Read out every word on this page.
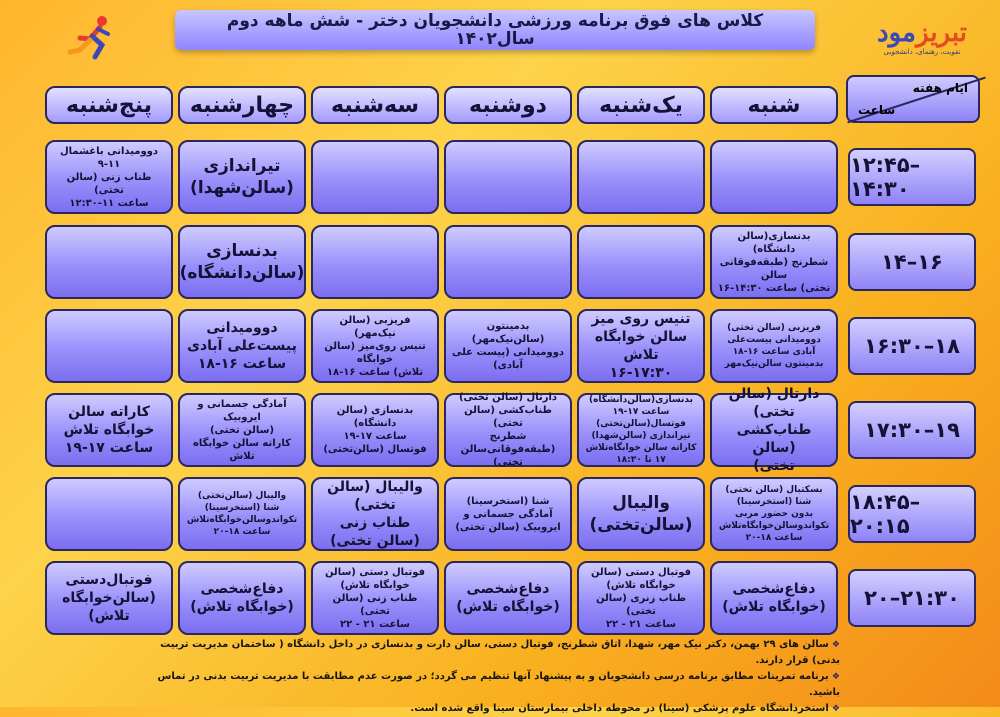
کلاس های فوق برنامه ورزشی دانشجویان دختر - شش ماهه دوم سال۱۴۰۲	تبریزمود
تقویت، رهنمای، دانشجویی
ایام هفته
ساعت
شنبه
یک‌شنبه
دوشنبه
سه‌شنبه
چهارشنبه
پنج‌شنبه
۱۲:۴۵–۱۴:۳۰
۱۴–۱۶
۱۶:۳۰–۱۸
۱۷:۳۰–۱۹
۱۸:۴۵–۲۰:۱۵
۲۰–۲۱:۳۰
تیراندازی
(سالن‌شهدا)
دوومیدانی باغشمال
۹-۱۱
طناب زنی (سالن تختی)
ساعت ۱۱-۱۲:۳۰
بدنسازی(سالن
دانشگاه)
شطرنج (طبقه‌فوقانی سالن
تختی) ساعت ۱۴:۳۰-۱۶
بدنسازی
(سالن‌دانشگاه)
فریزبی (سالن تختی)
دوومیدانی پیست‌علی
آبادی ساعت ۱۶-۱۸
بدمینتون سالن‌نیک‌مهر
تنیس روی میز
سالن خوابگاه تلاش
۱۶-۱۷:۳۰
بدمینتون (سالن‌نیک‌مهر)
دوومیدانی (پیست علی
آبادی)
فریزبی (سالن نیک‌مهر)
تنیس روی‌میز (سالن خوابگاه
تلاش) ساعت ۱۶-۱۸
دوومیدانی
پیست‌علی آبادی
ساعت ۱۶-۱۸
دارتال (سالن تختی)
طناب‌کشی (سالن
تختی)
بدنسازی(سالن‌دانشگاه)
ساعت ۱۷-۱۹
فوتسال(سالن‌تختی)
تیراندازی (سالن‌شهدا)
کاراته سالن خوابگاه‌تلاش ۱۷ تا ۱۸:۳۰
دارتال (سالن تختی)
طناب‌کشی (سالن تختی)
شطرنج (طبقه‌فوقانی‌سالن
تختی)
بدنسازی (سالن
دانشگاه)
ساعت ۱۷-۱۹
فوتسال (سالن‌تختی)
آمادگی جسمانی و
ایروبیک
(سالن تختی)
کاراته سالن خوابگاه تلاش
کاراته سالن
خوابگاه تلاش
ساعت ۱۷-۱۹
بسکتبال (سالن تختی)
شنا (استخرسینا)
بدون حضور مربی
تکواندوسالن‌خوابگاه‌تلاش
ساعت ۱۸-۲۰
والیبال
(سالن‌تختی)
شنا (استخرسینا)
آمادگی جسمانی و
ایروبیک (سالن تختی)
والیبال (سالن تختی)
طناب زنی (سالن تختی)
والیبال (سالن‌تختی)
شنا (استخرسینا)
تکواندوسالن‌خوابگاه‌تلاش
ساعت ۱۸-۲۰
دفاع‌شخصی
(خوابگاه تلاش)
فوتبال دستی (سالن
خوابگاه تلاش)
طناب زنری (سالن تختی)
ساعت ۲۱ - ۲۲
دفاع‌شخصی
(خوابگاه تلاش)
فوتبال دستی (سالن
خوابگاه تلاش)
طناب زنی (سالن تختی)
ساعت ۲۱ - ۲۲
دفاع‌شخصی
(خوابگاه تلاش)
فوتبال‌دستی
(سالن‌خوابگاه تلاش)
❖ سالن های ۲۹ بهمن، دکتر نیک مهر، شهدا، اتاق شطرنج، فوتبال دستی، سالن دارت و بدنسازی در داخل دانشگاه ( ساختمان مدیریت تربیت بدنی) قرار دارند.
❖ برنامه تمرینات مطابق برنامه درسی دانشجویان و به پیشنهاد آنها تنظیم می گردد؛ در صورت عدم مطابقت با مدیریت تربیت بدنی در تماس باشید.
❖ استخردانشگاه علوم پزشکی (سینا) در محوطه داخلی بیمارستان سینا واقع شده است.
